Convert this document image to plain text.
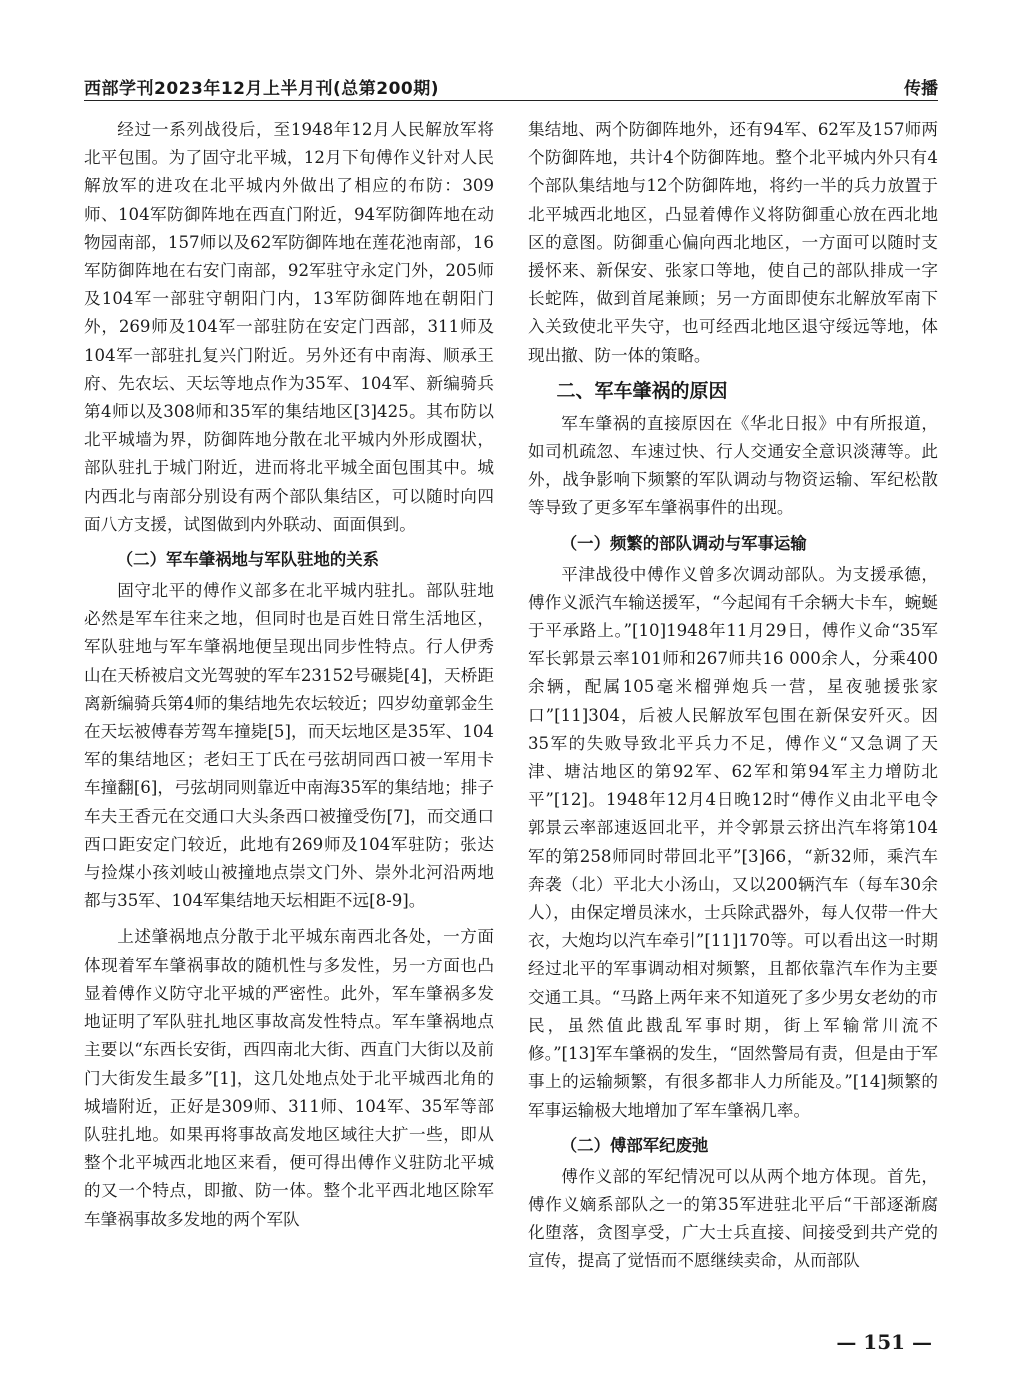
西部学刊2023年12月上半月刊(总第200期)	传播

经过一系列战役后，至1948年12月人民解放军将北平包围。为了固守北平城，12月下旬傅作义针对人民解放军的进攻在北平城内外做出了相应的布防：309师、104军防御阵地在西直门附近，94军防御阵地在动物园南部，157师以及62军防御阵地在莲花池南部，16军防御阵地在右安门南部，92军驻守永定门外，205师及104军一部驻守朝阳门内，13军防御阵地在朝阳门外，269师及104军一部驻防在安定门西部，311师及104军一部驻扎复兴门附近。另外还有中南海、顺承王府、先农坛、天坛等地点作为35军、104军、新编骑兵第4师以及308师和35军的集结地区[3]425。其布防以北平城墙为界，防御阵地分散在北平城内外形成圈状，部队驻扎于城门附近，进而将北平城全面包围其中。城内西北与南部分别设有两个部队集结区，可以随时向四面八方支援，试图做到内外联动、面面俱到。

（二）军车肇祸地与军队驻地的关系

固守北平的傅作义部多在北平城内驻扎。部队驻地必然是军车往来之地，但同时也是百姓日常生活地区，军队驻地与军车肇祸地便呈现出同步性特点。行人伊秀山在天桥被启文光驾驶的军车23152号碾毙[4]，天桥距离新编骑兵第4师的集结地先农坛较近；四岁幼童郭金生在天坛被傅春芳驾车撞毙[5]，而天坛地区是35军、104军的集结地区；老妇王丁氏在弓弦胡同西口被一军用卡车撞翻[6]，弓弦胡同则靠近中南海35军的集结地；排子车夫王香元在交通口大头条西口被撞受伤[7]，而交通口西口距安定门较近，此地有269师及104军驻防；张达与捡煤小孩刘岐山被撞地点崇文门外、崇外北河沿两地都与35军、104军集结地天坛相距不远[8-9]。

上述肇祸地点分散于北平城东南西北各处，一方面体现着军车肇祸事故的随机性与多发性，另一方面也凸显着傅作义防守北平城的严密性。此外，军车肇祸多发地证明了军队驻扎地区事故高发性特点。军车肇祸地点主要以“东西长安街，西四南北大街、西直门大街以及前门大街发生最多”[1]，这几处地点处于北平城西北角的城墙附近，正好是309师、311师、104军、35军等部队驻扎地。如果再将事故高发地区域往大扩一些，即从整个北平城西北地区来看，便可得出傅作义驻防北平城的又一个特点，即撤、防一体。整个北平西北地区除军车肇祸事故多发地的两个军队

集结地、两个防御阵地外，还有94军、62军及157师两个防御阵地，共计4个防御阵地。整个北平城内外只有4个部队集结地与12个防御阵地，将约一半的兵力放置于北平城西北地区，凸显着傅作义将防御重心放在西北地区的意图。防御重心偏向西北地区，一方面可以随时支援怀来、新保安、张家口等地，使自己的部队排成一字长蛇阵，做到首尾兼顾；另一方面即使东北解放军南下入关致使北平失守，也可经西北地区退守绥远等地，体现出撤、防一体的策略。

二、军车肇祸的原因

军车肇祸的直接原因在《华北日报》中有所报道，如司机疏忽、车速过快、行人交通安全意识淡薄等。此外，战争影响下频繁的军队调动与物资运输、军纪松散等导致了更多军车肇祸事件的出现。

（一）频繁的部队调动与军事运输

平津战役中傅作义曾多次调动部队。为支援承德，傅作义派汽车输送援军，“今起闻有千余辆大卡车，蜿蜒于平承路上。”[10]1948年11月29日，傅作义命“35军军长郭景云率101师和267师共16 000余人，分乘400余辆，配属105毫米榴弹炮兵一营，星夜驰援张家口”[11]304，后被人民解放军包围在新保安歼灭。因35军的失败导致北平兵力不足，傅作义“又急调了天津、塘沽地区的第92军、62军和第94军主力增防北平”[12]。1948年12月4日晚12时“傅作义由北平电令郭景云率部速返回北平，并令郭景云挤出汽车将第104军的第258师同时带回北平”[3]66，“新32师，乘汽车奔袭（北）平北大小汤山，又以200辆汽车（每车30余人），由保定增员涞水，士兵除武器外，每人仅带一件大衣，大炮均以汽车牵引”[11]170等。可以看出这一时期经过北平的军事调动相对频繁，且都依靠汽车作为主要交通工具。“马路上两年来不知道死了多少男女老幼的市民，虽然值此戡乱军事时期，街上军输常川流不修。”[13]军车肇祸的发生，“固然警局有责，但是由于军事上的运输频繁，有很多都非人力所能及。”[14]频繁的军事运输极大地增加了军车肇祸几率。

（二）傅部军纪废弛

傅作义部的军纪情况可以从两个地方体现。首先，傅作义嫡系部队之一的第35军进驻北平后“干部逐渐腐化堕落，贪图享受，广大士兵直接、间接受到共产党的宣传，提高了觉悟而不愿继续卖命，从而部队

— 151 —
